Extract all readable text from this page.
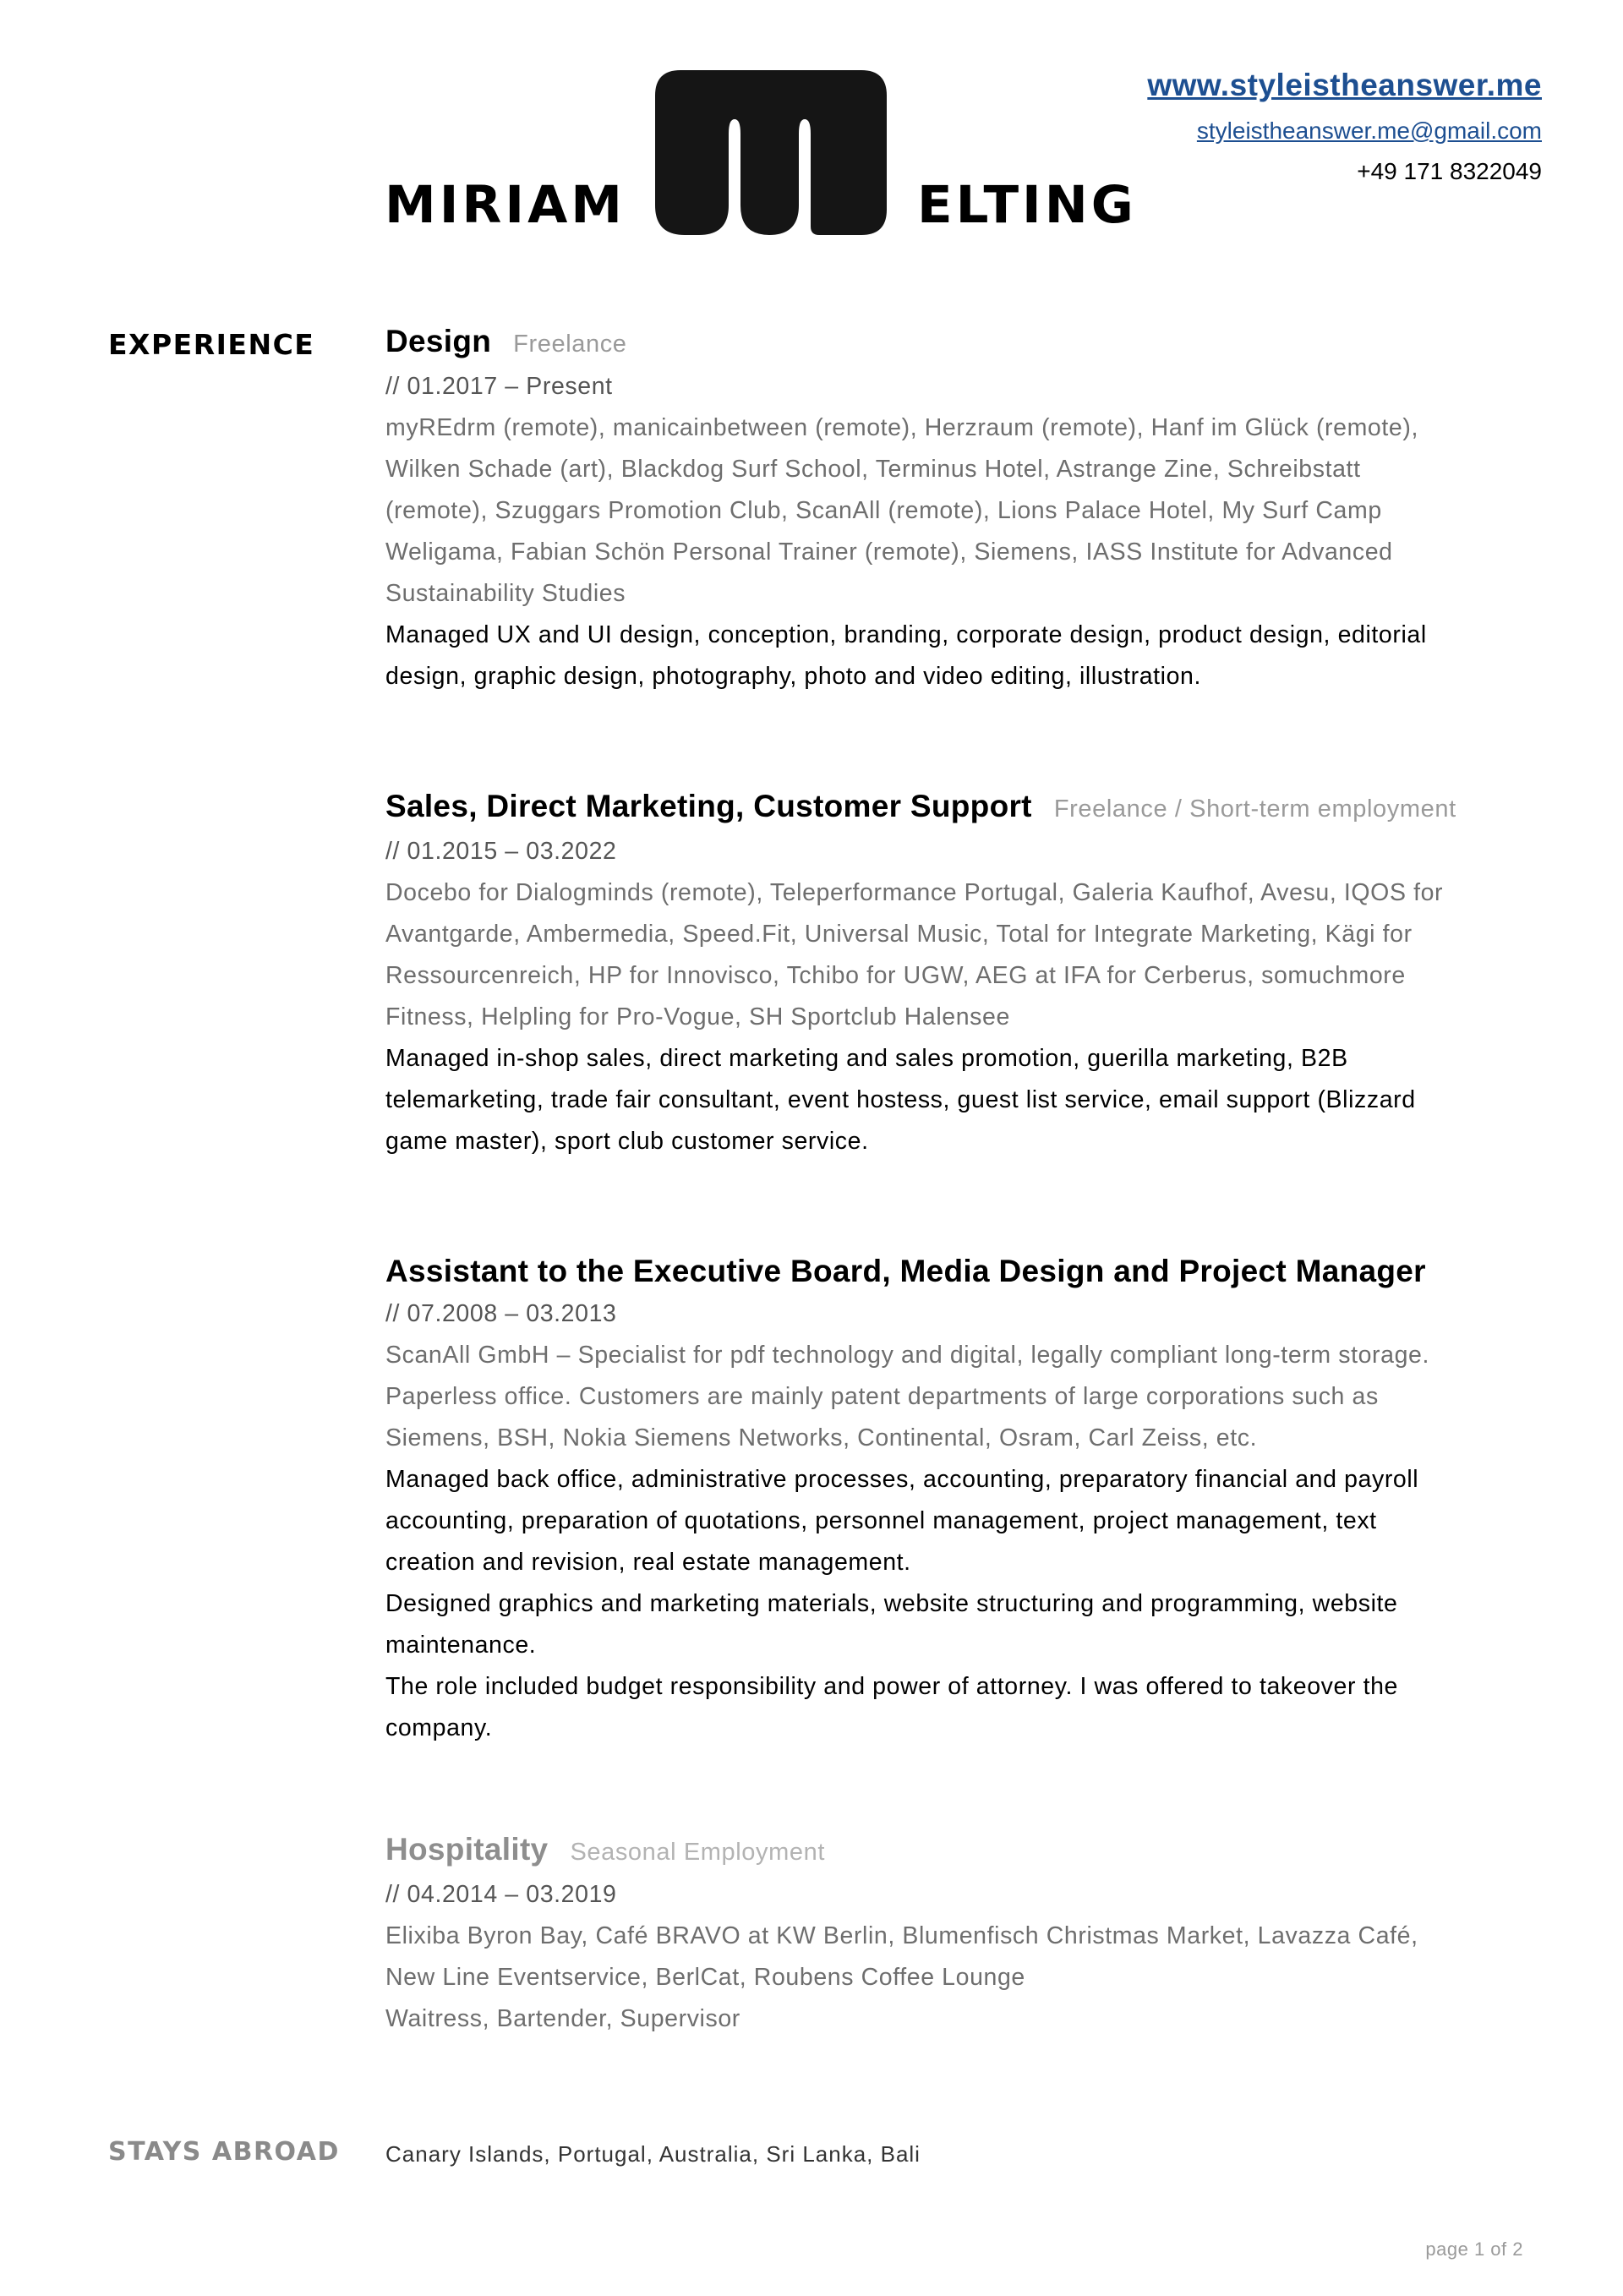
MIRIAM	ELTING
www.styleistheanswer.me
styleistheanswer.me@gmail.com
+49 171 8322049
EXPERIENCE Design Freelance
// 01.2017 – Present
myREdrm (remote), manicainbetween (remote), Herzraum (remote), Hanf im Glück (remote),
Wilken Schade (art), Blackdog Surf School, Terminus Hotel, Astrange Zine, Schreibstatt
(remote), Szuggars Promotion Club, ScanAll (remote), Lions Palace Hotel, My Surf Camp
Weligama, Fabian Schön Personal Trainer (remote), Siemens, IASS Institute for Advanced
Sustainability Studies
Managed UX and UI design, conception, branding, corporate design, product design, editorial
design, graphic design, photography, photo and video editing, illustration.
Sales, Direct Marketing, Customer Support Freelance / Short-term employment
// 01.2015 – 03.2022
Docebo for Dialogminds (remote), Teleperformance Portugal, Galeria Kaufhof, Avesu, IQOS for
Avantgarde, Ambermedia, Speed.Fit, Universal Music, Total for Integrate Marketing, Kägi for
Ressourcenreich, HP for Innovisco, Tchibo for UGW, AEG at IFA for Cerberus, somuchmore
Fitness, Helpling for Pro-Vogue, SH Sportclub Halensee
Managed in-shop sales, direct marketing and sales promotion, guerilla marketing, B2B
telemarketing, trade fair consultant, event hostess, guest list service, email support (Blizzard
game master), sport club customer service.
Assistant to the Executive Board, Media Design and Project Manager
// 07.2008 – 03.2013
ScanAll GmbH – Specialist for pdf technology and digital, legally compliant long-term storage.
Paperless office. Customers are mainly patent departments of large corporations such as
Siemens, BSH, Nokia Siemens Networks, Continental, Osram, Carl Zeiss, etc.
Managed back office, administrative processes, accounting, preparatory financial and payroll
accounting, preparation of quotations, personnel management, project management, text
creation and revision, real estate management.
Designed graphics and marketing materials, website structuring and programming, website
maintenance.
The role included budget responsibility and power of attorney. I was offered to takeover the
company.
Hospitality Seasonal Employment
// 04.2014 – 03.2019
Elixiba Byron Bay, Café BRAVO at KW Berlin, Blumenfisch Christmas Market, Lavazza Café,
New Line Eventservice, BerlCat, Roubens Coffee Lounge
Waitress, Bartender, Supervisor
STAYS ABROAD Canary Islands, Portugal, Australia, Sri Lanka, Bali
page 1 of 2
